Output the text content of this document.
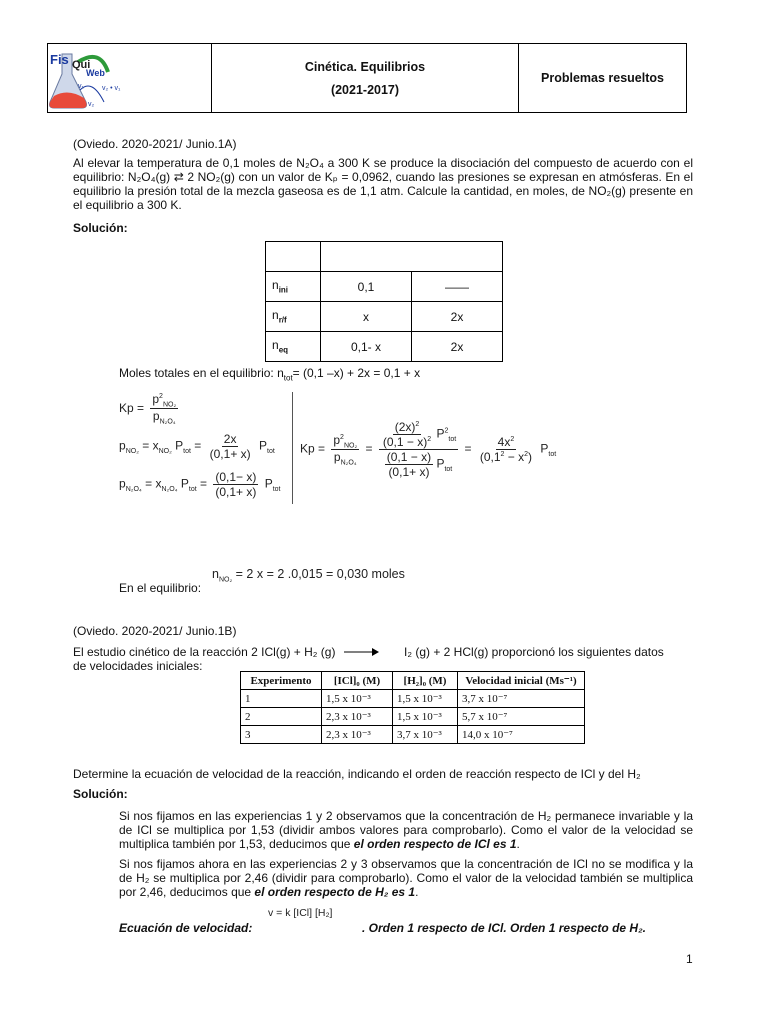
Fis Qui
Web
v₁	v₂ • v₁
v₂
Cinética. Equilibrios
(2021-2017)
Problemas resueltos
(Oviedo. 2020-2021/ Junio.1A)
Al elevar la temperatura de 0,1 moles de N₂O₄ a 300 K se produce la disociación del compuesto de acuerdo con el equilibrio: N₂O₄(g) ⇄ 2 NO₂(g) con un valor de Kₚ = 0,0962, cuando las presiones se expresan en atmósferas. En el equilibrio la presión total de la mezcla gaseosa es de 1,1 atm. Calcule la cantidad, en moles, de NO₂(g) presente en el equilibrio a 300 K.
Solución:

$n_{ini}$	0,1	——
$n_{r/f}$	x	2x
$n_{eq}$	0,1- x	2x
Moles totales en el equilibrio: $n_{tot}= (0,1$ –x) + 2x = 0,1 + x
$Kp = \frac{p^2_{NO_2}}{p_{N_2O_4}}$
$p_{NO_2} = x_{NO_2}$ $P_{tot} = \frac{2x}{(0,1+ x)} P_{tot}$
$p_{N_2O_4} = x_{N_2O_4}$ $P_{tot} = \frac{(0,1- x)}{(0,1+ x)} P_{tot}$
$Kp = \frac{p^2_{NO_2}}{p_{N_2O_4}} = \frac{\frac{(2x)^2}{(0,1 - x)^2} P^2_{tot}}{\frac{(0,1 - x)}{(0,1+ x)} P_{tot}} = \frac{4x^2}{(0,1^2 - x^2)} P_{tot}$
$n_{NO_2} = 2$ x = 2 .0,015 = 0,030 moles
En el equilibrio:
(Oviedo. 2020-2021/ Junio.1B)
El estudio cinético de la reacción 2 ICl(g) + H₂ (g) → I₂ (g) + 2 HCl(g) proporcionó los siguientes datos
de velocidades iniciales:
Experimento	[ICl]₀ (M)	[H₂]₀ (M)	Velocidad inicial (Ms⁻¹)
1	1,5 x 10⁻³	1,5 x 10⁻³	3,7 x 10⁻⁷
2	2,3 x 10⁻³	1,5 x 10⁻³	5,7 x 10⁻⁷
3	2,3 x 10⁻³	3,7 x 10⁻³	14,0 x 10⁻⁷
Determine la ecuación de velocidad de la reacción, indicando el orden de reacción respecto de ICl y del H₂
Solución:
Si nos fijamos en las experiencias 1 y 2 observamos que la concentración de H₂ permanece invariable y la de ICl se multiplica por 1,53 (dividir ambos valores para comprobarlo). Como el valor de la velocidad se multiplica también por 1,53, deducimos que el orden respecto de ICl es 1.
Si nos fijamos ahora en las experiencias 2 y 3 observamos que la concentración de ICl no se modifica y la de H₂ se multiplica por 2,46 (dividir para comprobarlo). Como el valor de la velocidad también se multiplica por 2,46, deducimos que el orden respecto de H₂ es 1.
v = k [ICl] [H₂]
Ecuación de velocidad:	. Orden 1 respecto de ICl. Orden 1 respecto de H₂.
1
